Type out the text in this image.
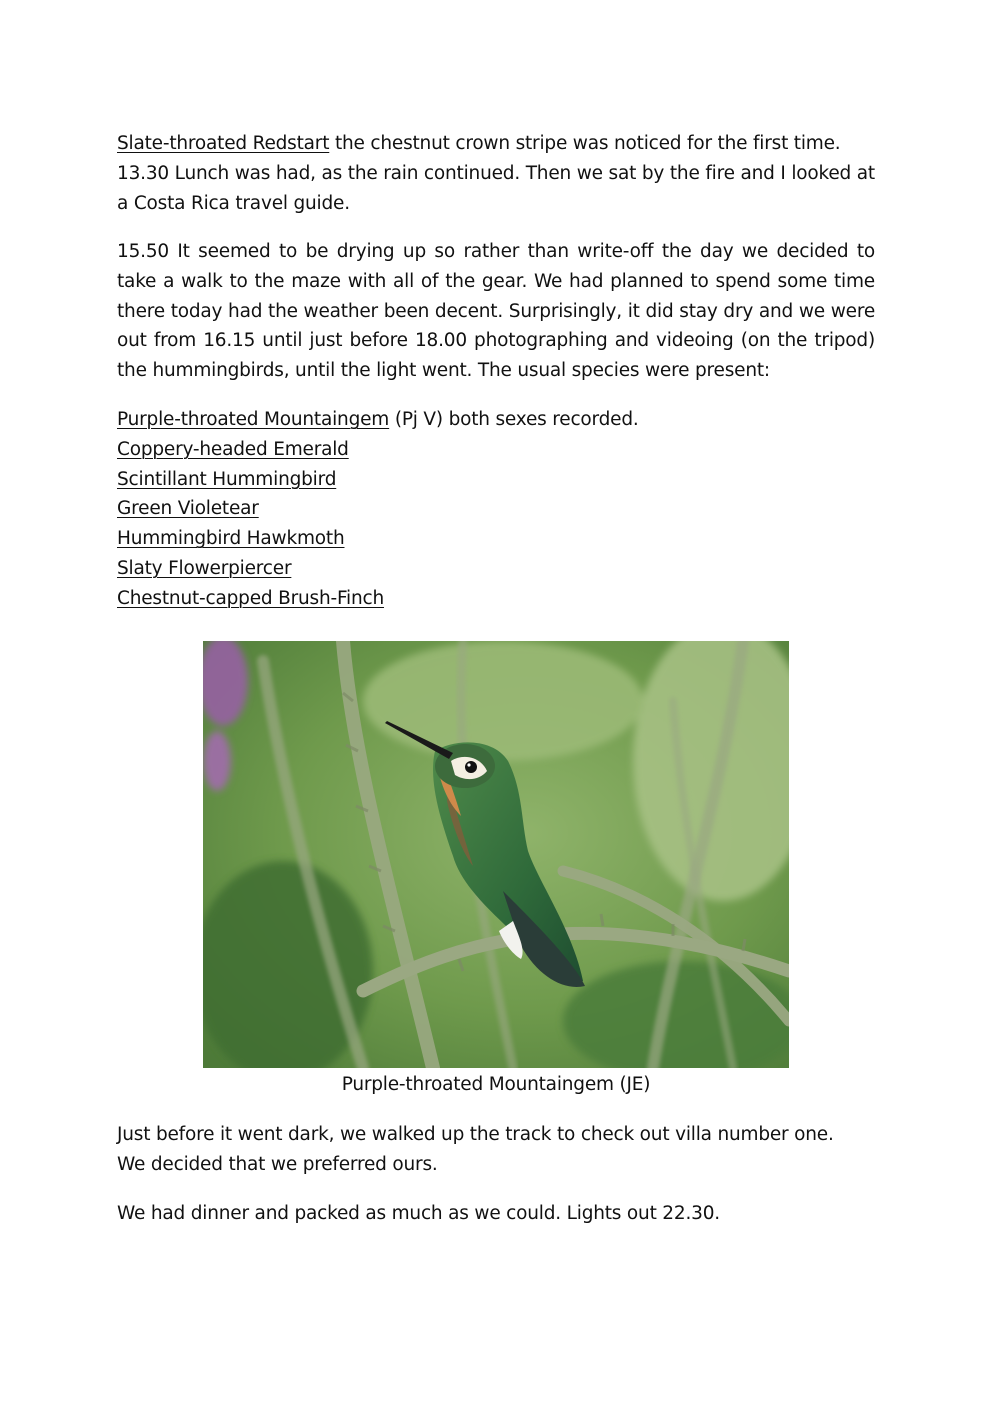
Slate-throated Redstart the chestnut crown stripe was noticed for the first time.

13.30 Lunch was had, as the rain continued. Then we sat by the fire and I looked at a Costa Rica travel guide.

15.50 It seemed to be drying up so rather than write-off the day we decided to take a walk to the maze with all of the gear. We had planned to spend some time there today had the weather been decent. Surprisingly, it did stay dry and we were out from 16.15 until just before 18.00 photographing and videoing (on the tripod) the hummingbirds, until the light went. The usual species were present:

Purple-throated Mountaingem (Pj V) both sexes recorded.
Coppery-headed Emerald
Scintillant Hummingbird
Green Violetear
Hummingbird Hawkmoth
Slaty Flowerpiercer
Chestnut-capped Brush-Finch
Purple-throated Mountaingem (JE)

Just before it went dark, we walked up the track to check out villa number one.

We decided that we preferred ours.

We had dinner and packed as much as we could. Lights out 22.30.
